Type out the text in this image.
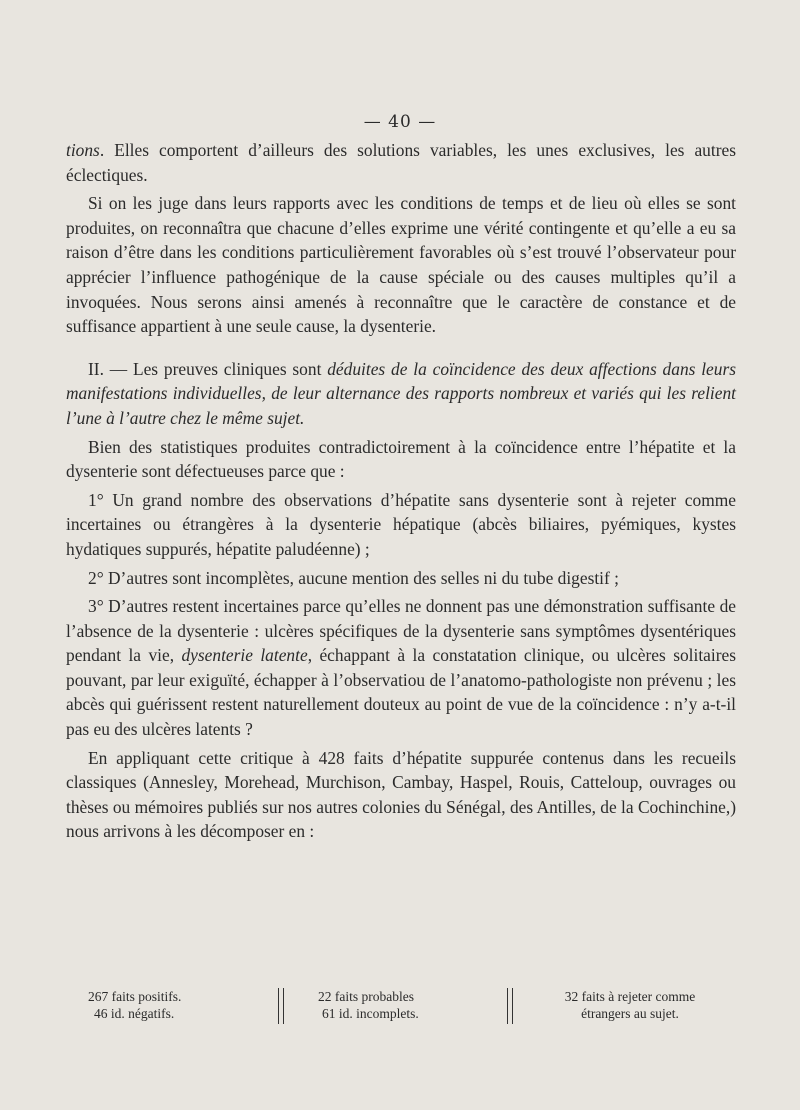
— 40 —

tions. Elles comportent d’ailleurs des solutions variables, les unes exclusives, les autres éclectiques.

Si on les juge dans leurs rapports avec les conditions de temps et de lieu où elles se sont produites, on reconnaîtra que chacune d’elles exprime une vérité contingente et qu’elle a eu sa raison d’être dans les conditions particulièrement favorables où s’est trouvé l’observateur pour apprécier l’influence pathogénique de la cause spéciale ou des causes multiples qu’il a invoquées. Nous serons ainsi amenés à reconnaître que le caractère de constance et de suffisance appartient à une seule cause, la dysenterie.

II. — Les preuves cliniques sont déduites de la coïncidence des deux affections dans leurs manifestations individuelles, de leur alternance des rapports nombreux et variés qui les relient l’une à l’autre chez le même sujet.

Bien des statistiques produites contradictoirement à la coïncidence entre l’hépatite et la dysenterie sont défectueuses parce que :

1° Un grand nombre des observations d’hépatite sans dysenterie sont à rejeter comme incertaines ou étrangères à la dysenterie hépatique (abcès biliaires, pyémiques, kystes hydatiques suppurés, hépatite paludéenne) ;

2° D’autres sont incomplètes, aucune mention des selles ni du tube digestif ;

3° D’autres restent incertaines parce qu’elles ne donnent pas une démonstration suffisante de l’absence de la dysenterie : ulcères spécifiques de la dysenterie sans symptômes dysentériques pendant la vie, dysenterie latente, échappant à la constatation clinique, ou ulcères solitaires pouvant, par leur exiguïté, échapper à l’observatiou de l’anatomo-pathologiste non prévenu ; les abcès qui guérissent restent naturellement douteux au point de vue de la coïncidence : n’y a-t-il pas eu des ulcères latents ?

En appliquant cette critique à 428 faits d’hépatite suppurée contenus dans les recueils classiques (Annesley, Morehead, Murchison, Cambay, Haspel, Rouis, Catteloup, ouvrages ou thèses ou mémoires publiés sur nos autres colonies du Sénégal, des Antilles, de la Cochinchine,) nous arrivons à les décomposer en :

267 faits positifs.
46 id. négatifs.
22 faits probables
61 id. incomplets.
32 faits à rejeter comme
étrangers au sujet.
